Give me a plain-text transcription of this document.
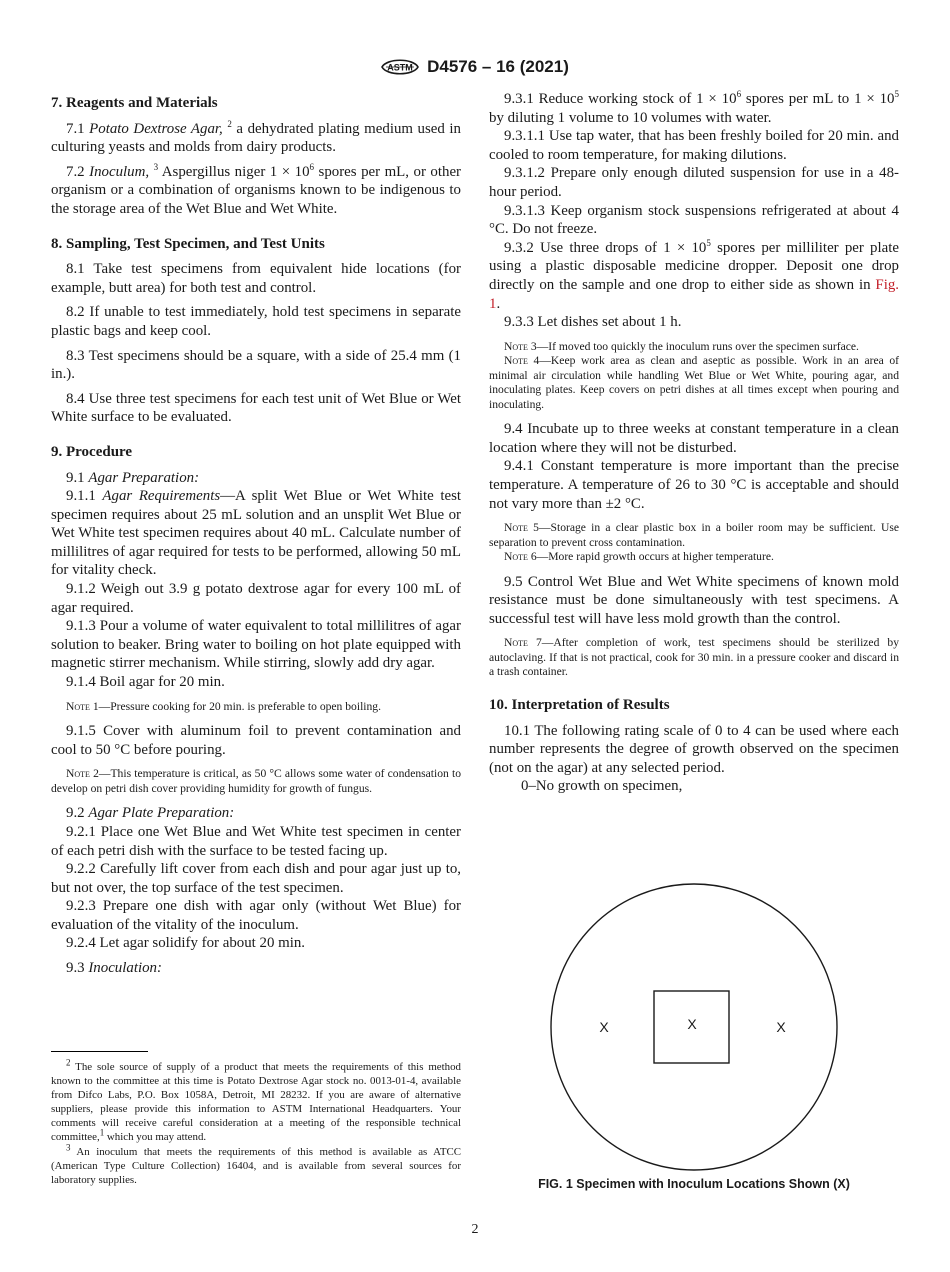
ASTM D4576 – 16 (2021)

7. Reagents and Materials

7.1 Potato Dextrose Agar, $^2$ a dehydrated plating medium used in culturing yeasts and molds from dairy products.

7.2 Inoculum, $^3$ Aspergillus niger $1 \times 10^6$ spores per mL, or other organism or a combination of organisms known to be indigenous to the storage area of the Wet Blue and Wet White.

8. Sampling, Test Specimen, and Test Units

8.1 Take test specimens from equivalent hide locations (for example, butt area) for both test and control.

8.2 If unable to test immediately, hold test specimens in separate plastic bags and keep cool.

8.3 Test specimens should be a square, with a side of 25.4 mm (1 in.).

8.4 Use three test specimens for each test unit of Wet Blue or Wet White surface to be evaluated.

9. Procedure

9.1 Agar Preparation:

9.1.1 Agar Requirements—A split Wet Blue or Wet White test specimen requires about 25 mL solution and an unsplit Wet Blue or Wet White test specimen requires about 40 mL. Calculate number of millilitres of agar required for tests to be performed, allowing 50 mL for vitality check.

9.1.2 Weigh out 3.9 g potato dextrose agar for every 100 mL of agar required.

9.1.3 Pour a volume of water equivalent to total millilitres of agar solution to beaker. Bring water to boiling on hot plate equipped with magnetic stirrer mechanism. While stirring, slowly add dry agar.

9.1.4 Boil agar for 20 min.

Note 1—Pressure cooking for 20 min. is preferable to open boiling.

9.1.5 Cover with aluminum foil to prevent contamination and cool to 50 °C before pouring.

Note 2—This temperature is critical, as 50 °C allows some water of condensation to develop on petri dish cover providing humidity for growth of fungus.

9.2 Agar Plate Preparation:

9.2.1 Place one Wet Blue and Wet White test specimen in center of each petri dish with the surface to be tested facing up.

9.2.2 Carefully lift cover from each dish and pour agar just up to, but not over, the top surface of the test specimen.

9.2.3 Prepare one dish with agar only (without Wet Blue) for evaluation of the vitality of the inoculum.

9.2.4 Let agar solidify for about 20 min.

9.3 Inoculation:

$^2$ The sole source of supply of a product that meets the requirements of this method known to the committee at this time is Potato Dextrose Agar stock no. 0013-01-4, available from Difco Labs, P.O. Box 1058A, Detroit, MI 28232. If you are aware of alternative suppliers, please provide this information to ASTM International Headquarters. Your comments will receive careful consideration at a meeting of the responsible technical committee,$^1$ which you may attend.

$^3$ An inoculum that meets the requirements of this method is available as ATCC (American Type Culture Collection) 16404, and is available from several sources for laboratory supplies.

9.3.1 Reduce working stock of $1 \times 10^6$ spores per mL to $1 \times 10^5$ by diluting 1 volume to 10 volumes with water.

9.3.1.1 Use tap water, that has been freshly boiled for 20 min. and cooled to room temperature, for making dilutions.

9.3.1.2 Prepare only enough diluted suspension for use in a 48-hour period.

9.3.1.3 Keep organism stock suspensions refrigerated at about 4 °C. Do not freeze.

9.3.2 Use three drops of $1 \times 10^5$ spores per milliliter per plate using a plastic disposable medicine dropper. Deposit one drop directly on the sample and one drop to either side as shown in Fig. 1.

9.3.3 Let dishes set about 1 h.

Note 3—If moved too quickly the inoculum runs over the specimen surface.

Note 4—Keep work area as clean and aseptic as possible. Work in an area of minimal air circulation while handling Wet Blue or Wet White, pouring agar, and inoculating plates. Keep covers on petri dishes at all times except when pouring and inoculating.

9.4 Incubate up to three weeks at constant temperature in a clean location where they will not be disturbed.

9.4.1 Constant temperature is more important than the precise temperature. A temperature of 26 to 30 °C is acceptable and should not vary more than ±2 °C.

Note 5—Storage in a clear plastic box in a boiler room may be sufficient. Use separation to prevent cross contamination.

Note 6—More rapid growth occurs at higher temperature.

9.5 Control Wet Blue and Wet White specimens of known mold resistance must be done simultaneously with test specimens. A successful test will have less mold growth than the control.

Note 7—After completion of work, test specimens should be sterilized by autoclaving. If that is not practical, cook for 30 min. in a pressure cooker and discard in a trash container.

10. Interpretation of Results

10.1 The following rating scale of 0 to 4 can be used where each number represents the degree of growth observed on the specimen (not on the agar) at any selected period.

0–No growth on specimen,

X	X	X
FIG. 1 Specimen with Inoculum Locations Shown (X)
2
